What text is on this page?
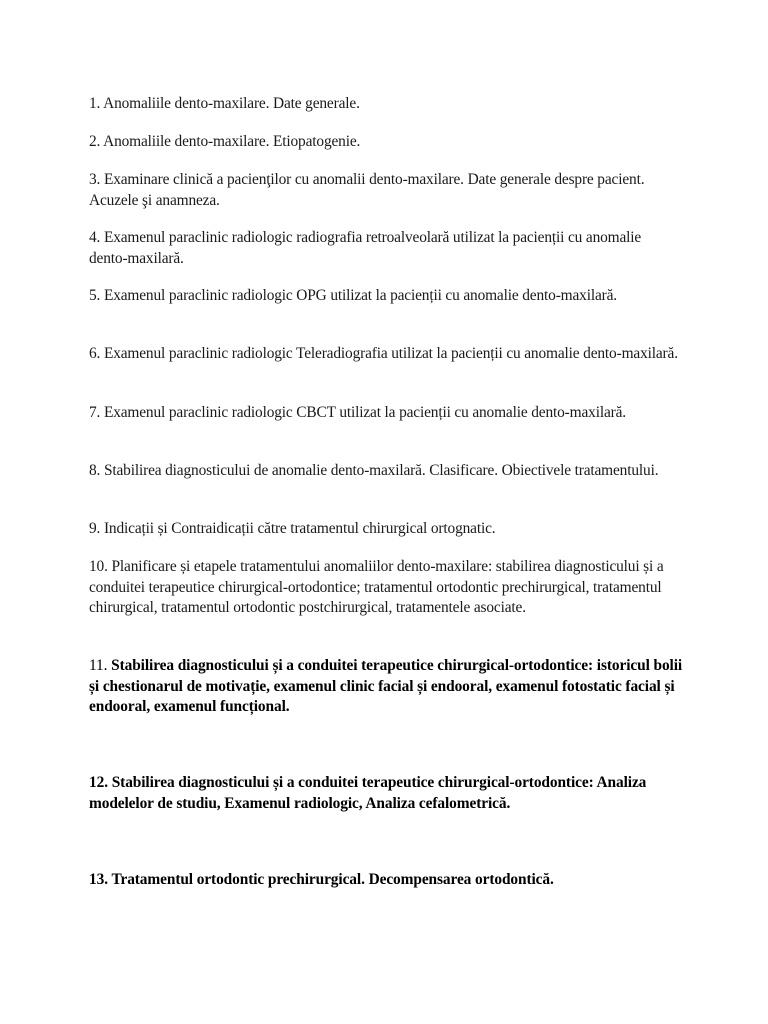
1. Anomaliile dento-maxilare. Date generale.

2. Anomaliile dento-maxilare. Etiopatogenie.

3. Examinare clinică a pacienţilor cu anomalii dento-maxilare. Date generale despre pacient. Acuzele şi anamneza.

4. Examenul paraclinic radiologic radiografia retroalveolară utilizat la pacienții cu anomalie dento-maxilară.

5. Examenul paraclinic radiologic OPG utilizat la pacienții cu anomalie dento-maxilară.

6. Examenul paraclinic radiologic Teleradiografia utilizat la pacienții cu anomalie dento-maxilară.

7. Examenul paraclinic radiologic CBCT utilizat la pacienții cu anomalie dento-maxilară.

8. Stabilirea diagnosticului de anomalie dento-maxilară. Clasificare. Obiectivele tratamentului.

9. Indicații și Contraidicații către tratamentul chirurgical ortognatic.

10. Planificare și etapele tratamentului anomaliilor dento-maxilare: stabilirea diagnosticului și a conduitei terapeutice chirurgical-ortodontice; tratamentul ortodontic prechirurgical, tratamentul chirurgical, tratamentul ortodontic postchirurgical, tratamentele asociate.

11. Stabilirea diagnosticului și a conduitei terapeutice chirurgical-ortodontice: istoricul bolii și chestionarul de motivație, examenul clinic facial și endooral, examenul fotostatic facial și endooral, examenul funcțional.

12. Stabilirea diagnosticului și a conduitei terapeutice chirurgical-ortodontice: Analiza modelelor de studiu, Examenul radiologic, Analiza cefalometrică.

13. Tratamentul ortodontic prechirurgical. Decompensarea ortodontică.
